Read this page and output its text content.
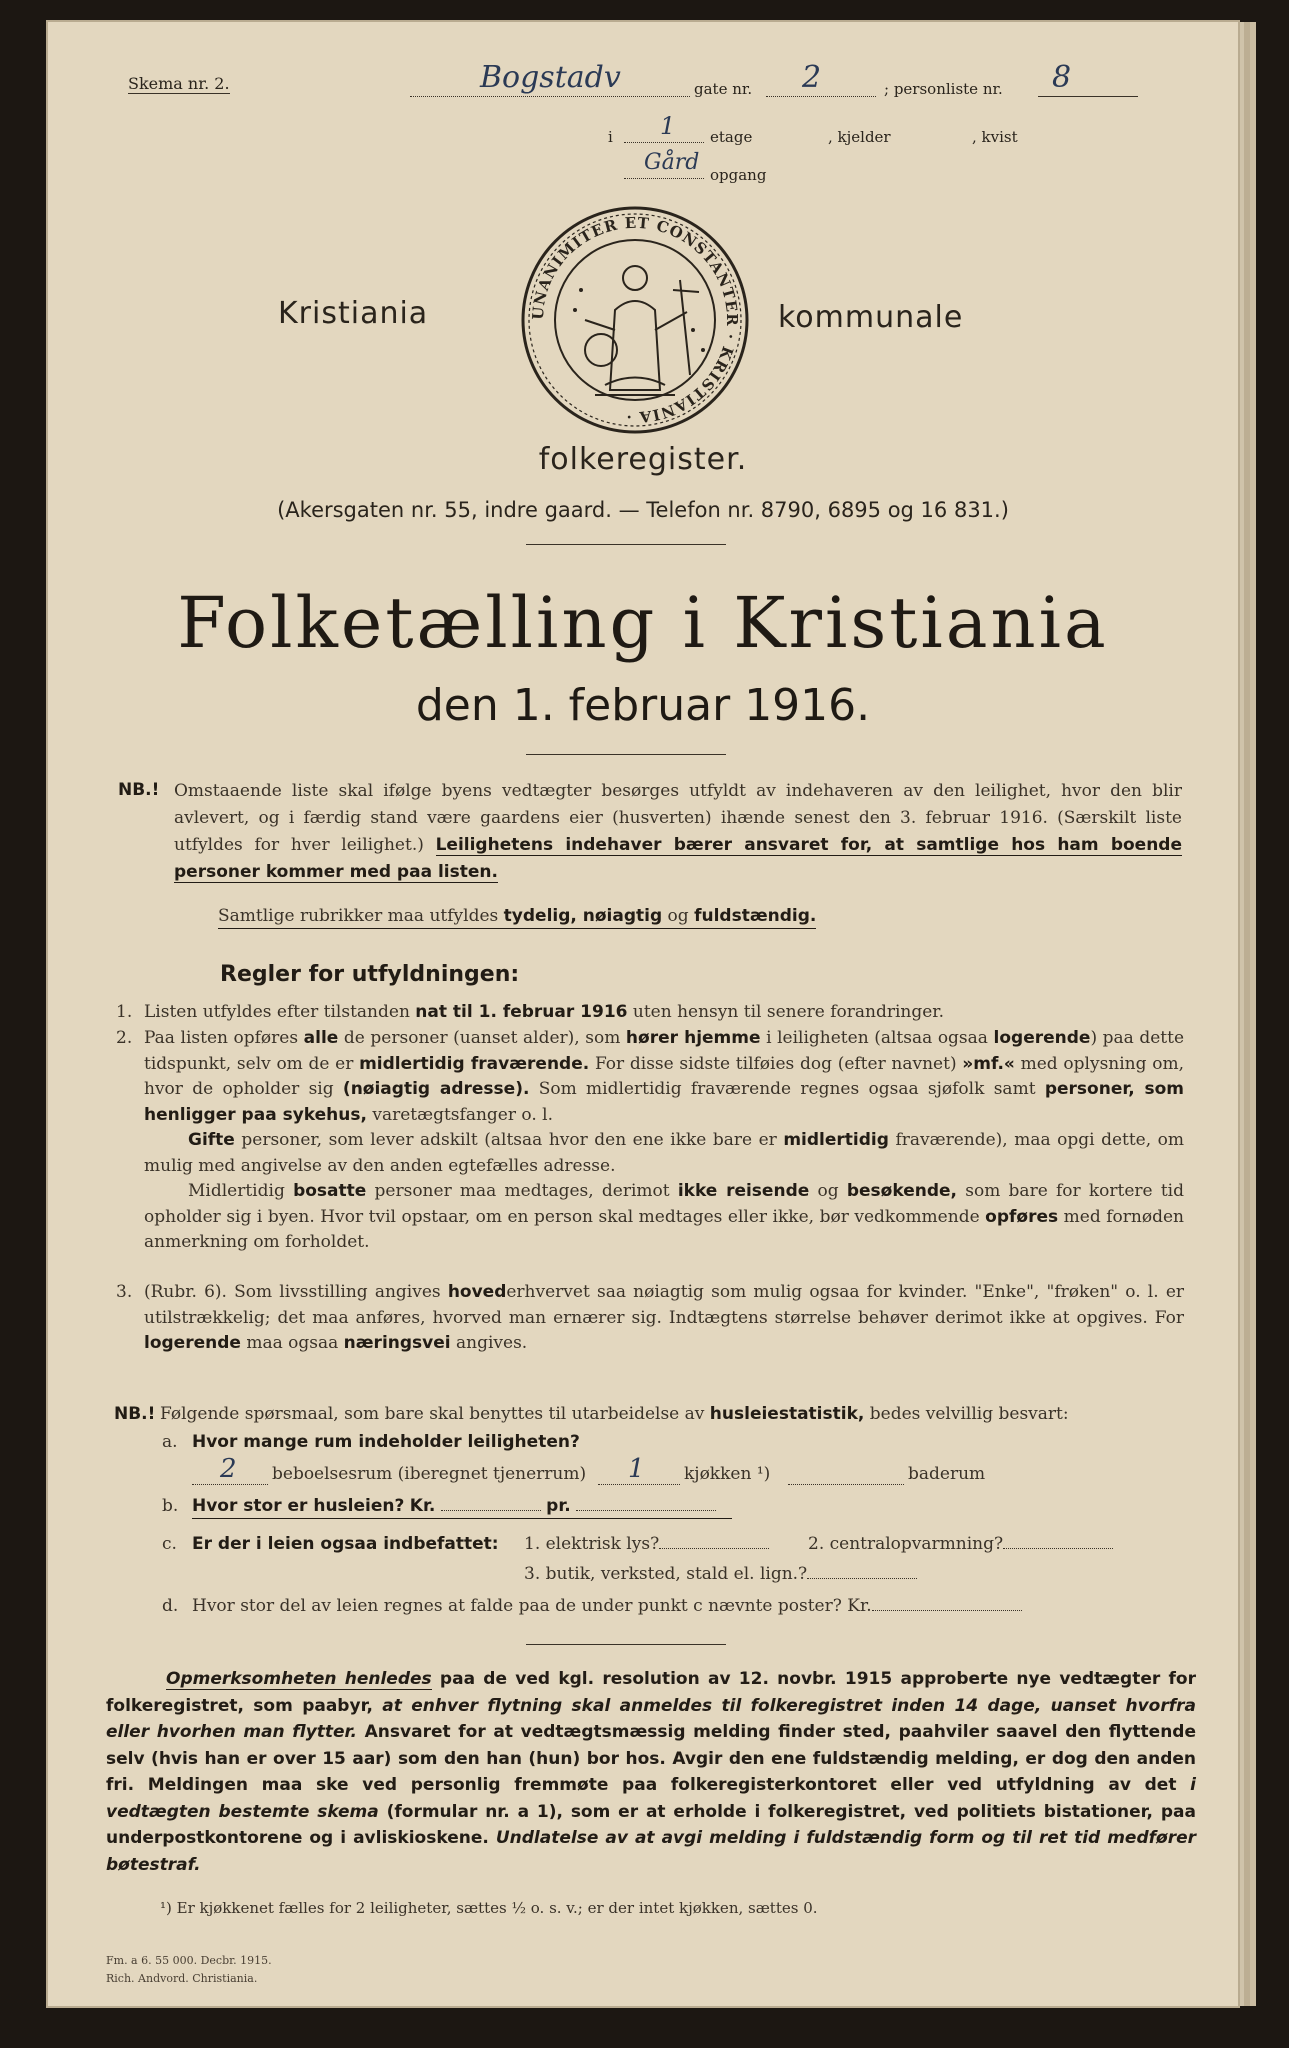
Skema nr. 2.	Bogstadv	gate nr. 2	; personliste nr. 8
i 1 etage	, kjelder	, kvist
Gård opgang
UNANIMITER ET CONSTANTER · KRISTIANIA ·
Kristiania	kommunale
folkeregister.
(Akersgaten nr. 55, indre gaard. — Telefon nr. 8790, 6895 og 16 831.)
Folketælling i Kristiania
den 1. februar 1916.
NB.! Omstaaende liste skal ifølge byens vedtægter besørges utfyldt av indehaveren av den leilighet, hvor den blir avlevert, og i færdig stand være gaardens eier (husverten) ihænde senest den 3. februar 1916. (Særskilt liste utfyldes for hver leilighet.) Leilighetens indehaver bærer ansvaret for, at samtlige hos ham boende personer kommer med paa listen.
Samtlige rubrikker maa utfyldes tydelig, nøiagtig og fuldstændig.
Regler for utfyldningen:
1. Listen utfyldes efter tilstanden nat til 1. februar 1916 uten hensyn til senere forandringer.
2. Paa listen opføres alle de personer (uanset alder), som hører hjemme i leiligheten (altsaa ogsaa logerende) paa dette tidspunkt, selv om de er midlertidig fraværende. For disse sidste tilføies dog (efter navnet) »mf.« med oplysning om, hvor de opholder sig (nøiagtig adresse). Som midlertidig fraværende regnes ogsaa sjøfolk samt personer, som henligger paa sykehus, varetægtsfanger o. l.
Gifte personer, som lever adskilt (altsaa hvor den ene ikke bare er midlertidig fraværende), maa opgi dette, om mulig med angivelse av den anden egtefælles adresse.
Midlertidig bosatte personer maa medtages, derimot ikke reisende og besøkende, som bare for kortere tid opholder sig i byen. Hvor tvil opstaar, om en person skal medtages eller ikke, bør vedkommende opføres med fornøden anmerkning om forholdet.
3. (Rubr. 6). Som livsstilling angives hovederhvervet saa nøiagtig som mulig ogsaa for kvinder. "Enke", "frøken" o. l. er utilstrækkelig; det maa anføres, hvorved man ernærer sig. Indtægtens størrelse behøver derimot ikke at opgives. For logerende maa ogsaa næringsvei angives.
NB.! Følgende spørsmaal, som bare skal benyttes til utarbeidelse av husleiestatistik, bedes velvillig besvart:
a. Hvor mange rum indeholder leiligheten?
2 beboelsesrum (iberegnet tjenerrum) 1 kjøkken ¹)	baderum
b. Hvor stor er husleien? Kr.	pr.
c. Er der i leien ogsaa indbefattet: 1. elektrisk lys?	2. centralopvarmning?
3. butik, verksted, stald el. lign.?
d. Hvor stor del av leien regnes at falde paa de under punkt c nævnte poster? Kr.
Opmerksomheten henledes paa de ved kgl. resolution av 12. novbr. 1915 approberte nye vedtægter for folkeregistret, som paabyr, at enhver flytning skal anmeldes til folkeregistret inden 14 dage, uanset hvorfra eller hvorhen man flytter. Ansvaret for at vedtægtsmæssig melding finder sted, paahviler saavel den flyttende selv (hvis han er over 15 aar) som den han (hun) bor hos. Avgir den ene fuldstændig melding, er dog den anden fri. Meldingen maa ske ved personlig fremmøte paa folkeregisterkontoret eller ved utfyldning av det i vedtægten bestemte skema (formular nr. a 1), som er at erholde i folkeregistret, ved politiets bistationer, paa underpostkontorene og i avliskioskene. Undlatelse av at avgi melding i fuldstændig form og til ret tid medfører bøtestraf.
¹) Er kjøkkenet fælles for 2 leiligheter, sættes ½ o. s. v.; er der intet kjøkken, sættes 0.
Fm. a 6. 55 000. Decbr. 1915.
Rich. Andvord. Christiania.
